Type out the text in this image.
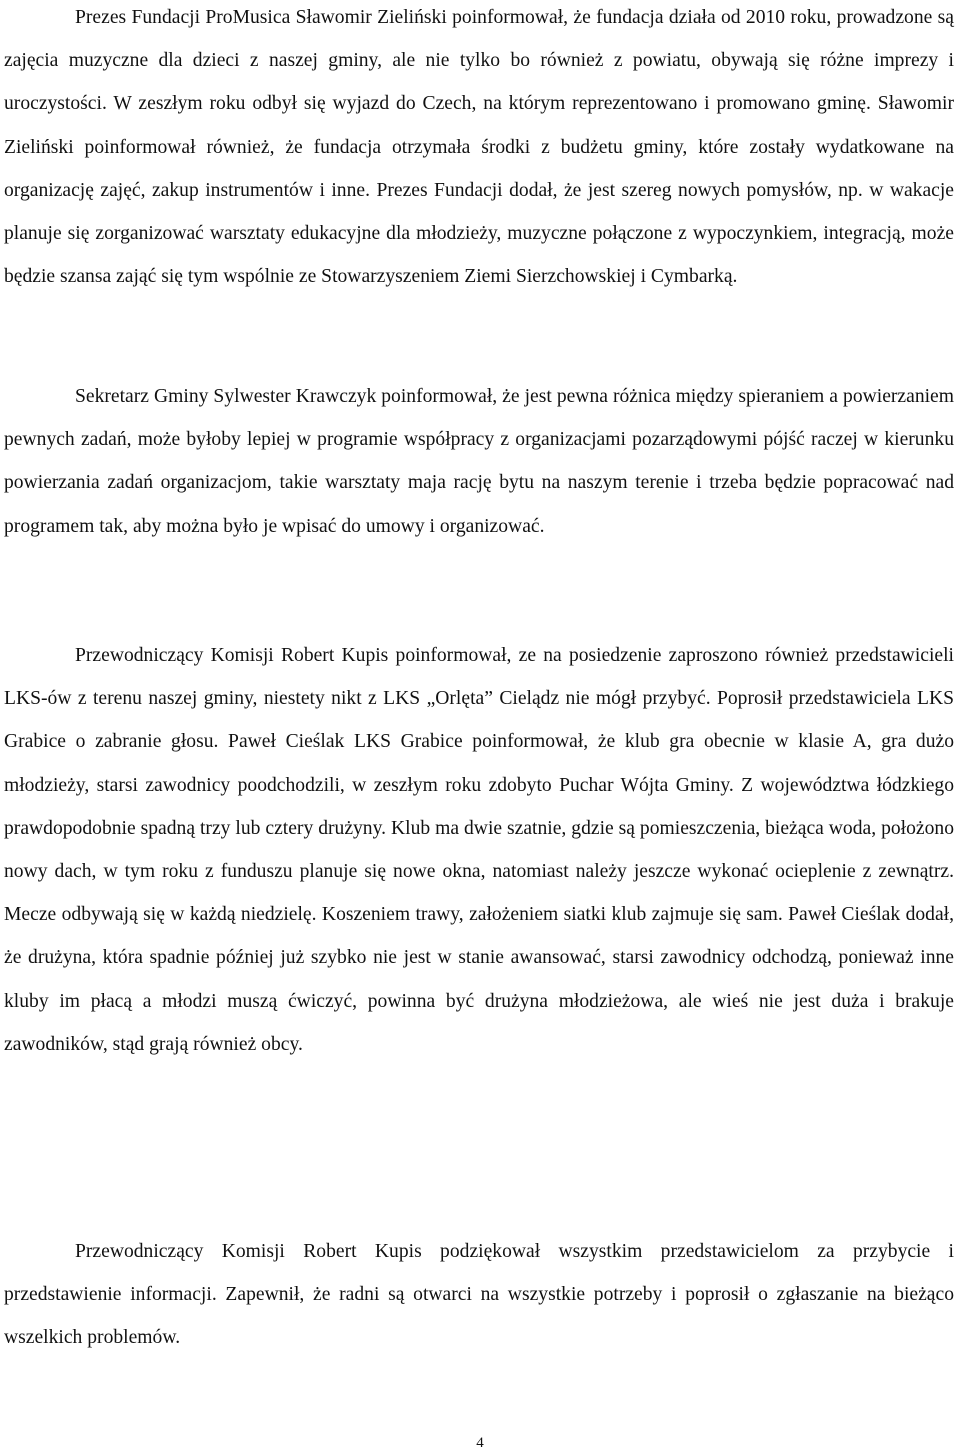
Prezes Fundacji ProMusica Sławomir Zieliński poinformował, że fundacja działa od 2010 roku, prowadzone są zajęcia muzyczne dla dzieci z naszej gminy, ale nie tylko bo również z powiatu, obywają się różne imprezy i uroczystości. W zeszłym roku odbył się wyjazd do Czech, na którym reprezentowano i promowano gminę. Sławomir Zieliński poinformował również, że fundacja otrzymała środki z budżetu gminy, które zostały wydatkowane na organizację zajęć, zakup instrumentów i inne. Prezes Fundacji dodał, że jest szereg nowych pomysłów, np. w wakacje planuje się zorganizować warsztaty edukacyjne dla młodzieży, muzyczne połączone z wypoczynkiem, integracją, może będzie szansa zająć się tym wspólnie ze Stowarzyszeniem Ziemi Sierzchowskiej i Cymbarką.

Sekretarz Gminy Sylwester Krawczyk poinformował, że jest pewna różnica między spieraniem a powierzaniem pewnych zadań, może byłoby lepiej w programie współpracy z organizacjami pozarządowymi pójść raczej w kierunku powierzania zadań organizacjom, takie warsztaty maja rację bytu na naszym terenie i trzeba będzie popracować nad programem tak, aby można było je wpisać do umowy i organizować.

Przewodniczący Komisji Robert Kupis poinformował, ze na posiedzenie zaproszono również przedstawicieli LKS-ów z terenu naszej gminy, niestety nikt z LKS „Orlęta” Cielądz nie mógł przybyć. Poprosił przedstawiciela LKS Grabice o zabranie głosu. Paweł Cieślak LKS Grabice poinformował, że klub gra obecnie w klasie A, gra dużo młodzieży, starsi zawodnicy poodchodzili, w zeszłym roku zdobyto Puchar Wójta Gminy. Z województwa łódzkiego prawdopodobnie spadną trzy lub cztery drużyny. Klub ma dwie szatnie, gdzie są pomieszczenia, bieżąca woda, położono nowy dach, w tym roku z funduszu planuje się nowe okna, natomiast należy jeszcze wykonać ocieplenie z zewnątrz. Mecze odbywają się w każdą niedzielę. Koszeniem trawy, założeniem siatki klub zajmuje się sam. Paweł Cieślak dodał, że drużyna, która spadnie później już szybko nie jest w stanie awansować, starsi zawodnicy odchodzą, ponieważ inne kluby im płacą a młodzi muszą ćwiczyć, powinna być drużyna młodzieżowa, ale wieś nie jest duża i brakuje zawodników, stąd grają również obcy.

Przewodniczący Komisji Robert Kupis podziękował wszystkim przedstawicielom za przybycie i przedstawienie informacji. Zapewnił, że radni są otwarci na wszystkie potrzeby i poprosił o zgłaszanie na bieżąco wszelkich problemów.

4
